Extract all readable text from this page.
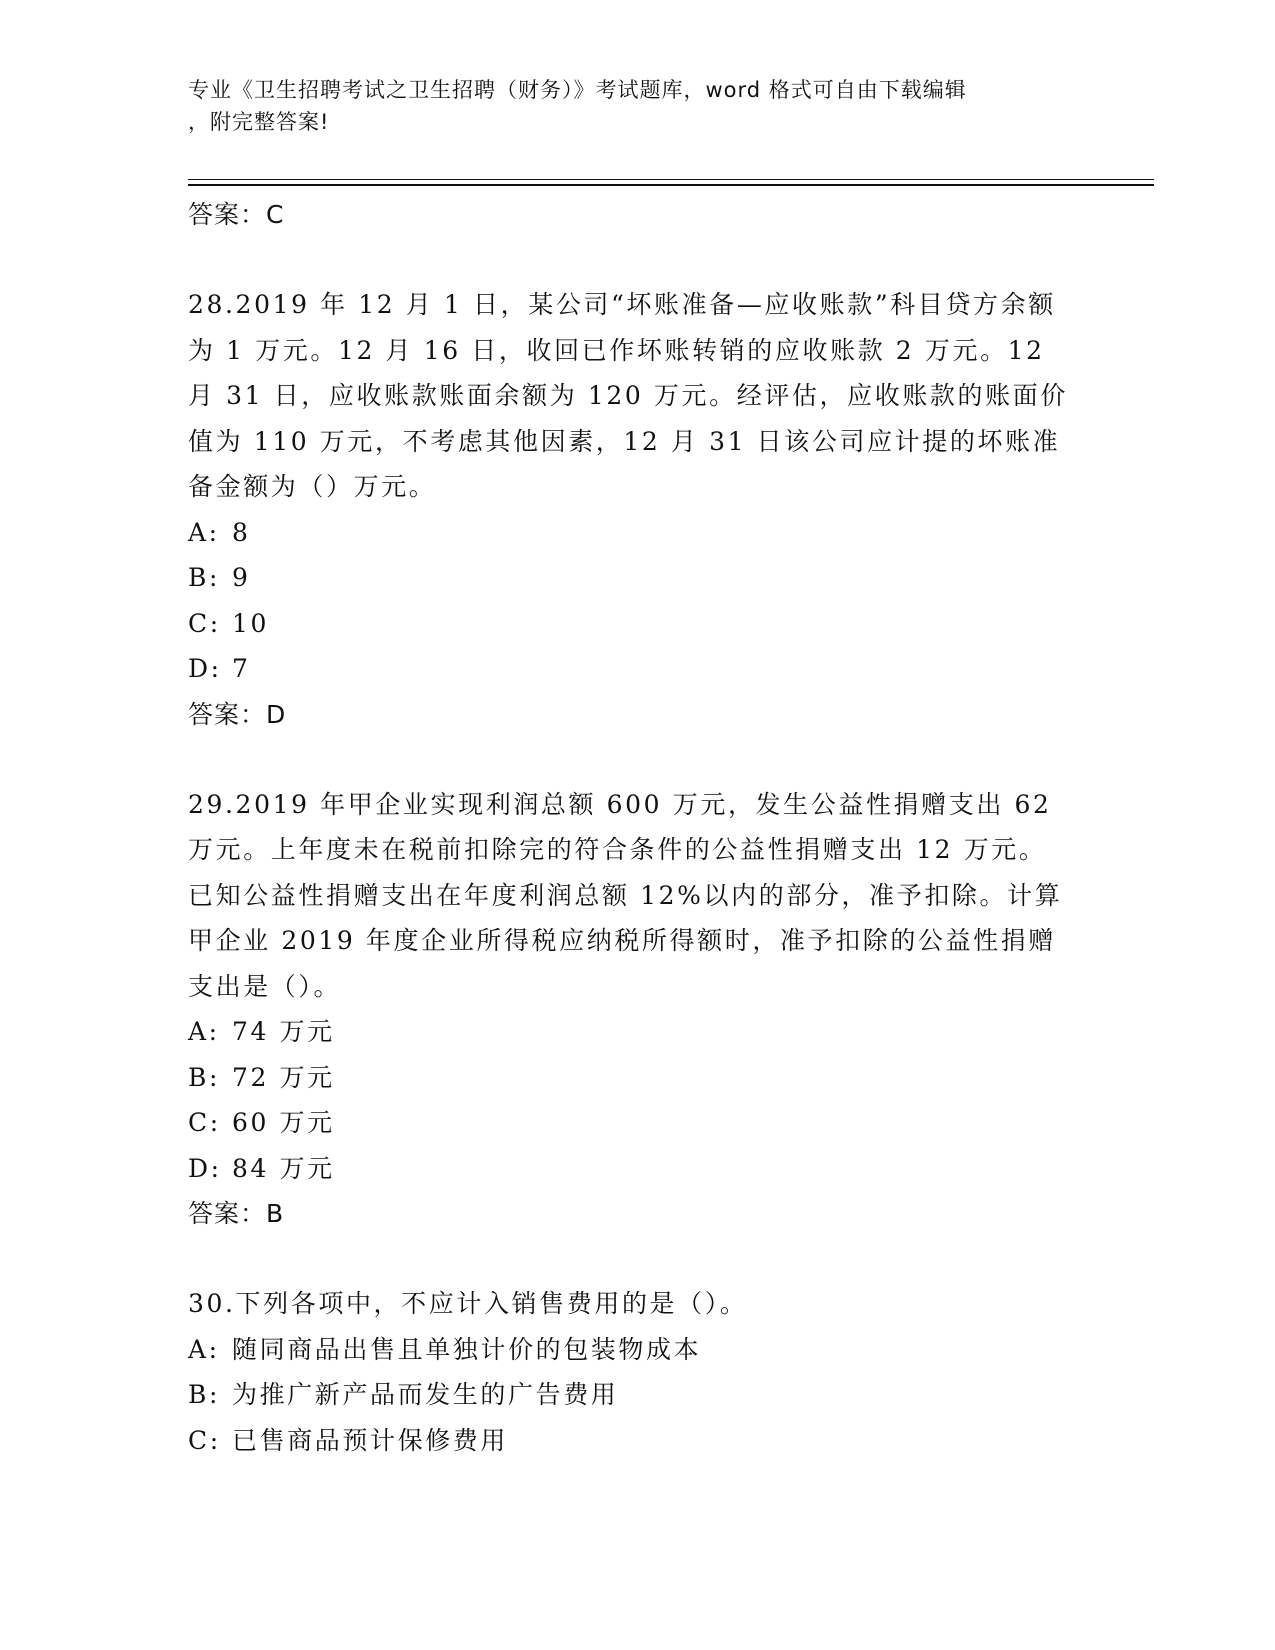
专业《卫生招聘考试之卫生招聘（财务）》考试题库，word 格式可自由下载编辑
，附完整答案!
答案：C
28.2019 年 12 月 1 日，某公司“坏账准备—应收账款”科目贷方余额为 1 万元。12 月 16 日，收回已作坏账转销的应收账款 2 万元。12 月 31 日，应收账款账面余额为 120 万元。经评估，应收账款的账面价值为 110 万元，不考虑其他因素，12 月 31 日该公司应计提的坏账准备金额为（）万元。
A: 8
B: 9
C: 10
D: 7
答案：D
29.2019 年甲企业实现利润总额 600 万元，发生公益性捐赠支出 62 万元。上年度未在税前扣除完的符合条件的公益性捐赠支出 12 万元。已知公益性捐赠支出在年度利润总额 12%以内的部分，准予扣除。计算甲企业 2019 年度企业所得税应纳税所得额时，准予扣除的公益性捐赠支出是（）。
A: 74 万元
B: 72 万元
C: 60 万元
D: 84 万元
答案：B
30.下列各项中，不应计入销售费用的是（）。
A: 随同商品出售且单独计价的包装物成本
B: 为推广新产品而发生的广告费用
C: 已售商品预计保修费用
